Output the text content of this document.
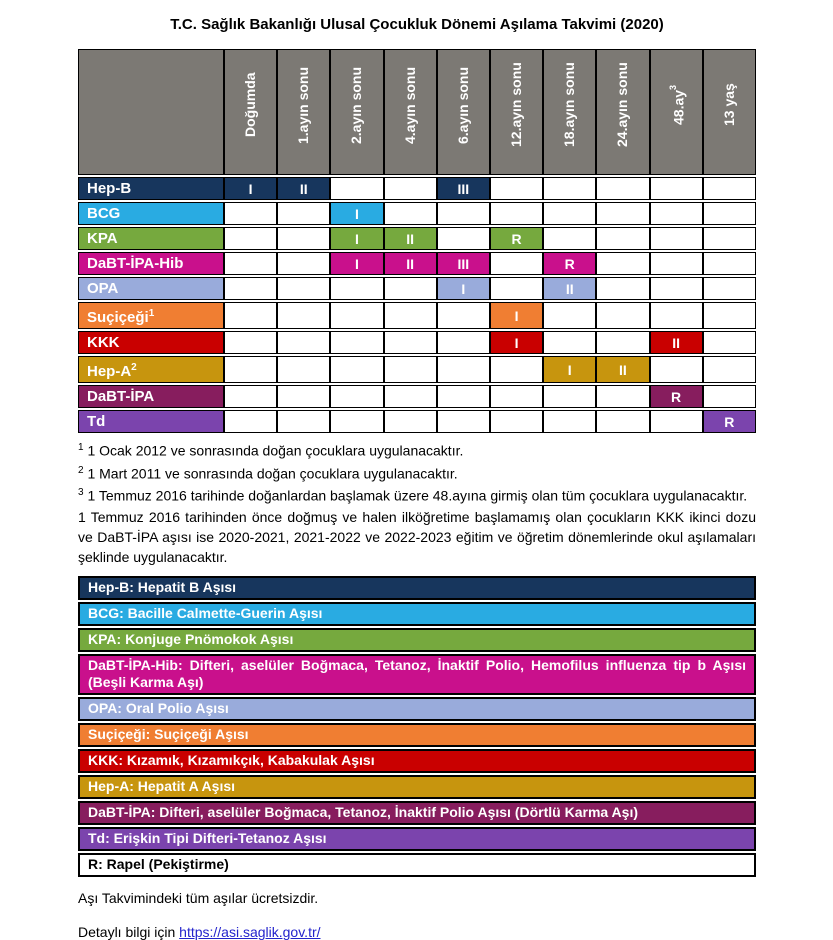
T.C. Sağlık Bakanlığı Ulusal Çocukluk Dönemi Aşılama Takvimi (2020)
	Doğumda	1.ayın sonu	2.ayın sonu	4.ayın sonu	6.ayın sonu	12.ayın sonu	18.ayın sonu	24.ayın sonu	$48.ay^3$	13 yaş
Hep-B	I	II			III					
BCG			I							
KPA			I	II		R				
DaBT-İPA-Hib			I	II	III		R			
OPA					I		II			
Suçiçeği$^1$						I				
KKK						I			II	
Hep-$A^2$							I	II		
DaBT-İPA									R	
Td										R
$^1$ 1 Ocak 2012 ve sonrasında doğan çocuklara uygulanacaktır.
$^2$ 1 Mart 2011 ve sonrasında doğan çocuklara uygulanacaktır.
$^3$ 1 Temmuz 2016 tarihinde doğanlardan başlamak üzere 48.ayına girmiş olan tüm çocuklara uygulanacaktır.

1 Temmuz 2016 tarihinden önce doğmuş ve halen ilköğretime başlamamış olan çocukların KKK ikinci dozu ve DaBT-İPA aşısı ise 2020-2021, 2021-2022 ve 2022-2023 eğitim ve öğretim dönemlerinde okul aşılamaları şeklinde uygulanacaktır.

Hep-B: Hepatit B Aşısı
BCG: Bacille Calmette-Guerin Aşısı
KPA: Konjuge Pnömokok Aşısı
DaBT-İPA-Hib: Difteri, aselüler Boğmaca, Tetanoz, İnaktif Polio, Hemofilus influenza tip b Aşısı (Beşli Karma Aşı)
OPA: Oral Polio Aşısı
Suçiçeği: Suçiçeği Aşısı
KKK: Kızamık, Kızamıkçık, Kabakulak Aşısı
Hep-A: Hepatit A Aşısı
DaBT-İPA: Difteri, aselüler Boğmaca, Tetanoz, İnaktif Polio Aşısı (Dörtlü Karma Aşı)
Td: Erişkin Tipi Difteri-Tetanoz Aşısı
R: Rapel (Pekiştirme)

Aşı Takvimindeki tüm aşılar ücretsizdir.

Detaylı bilgi için https://asi.saglik.gov.tr/
